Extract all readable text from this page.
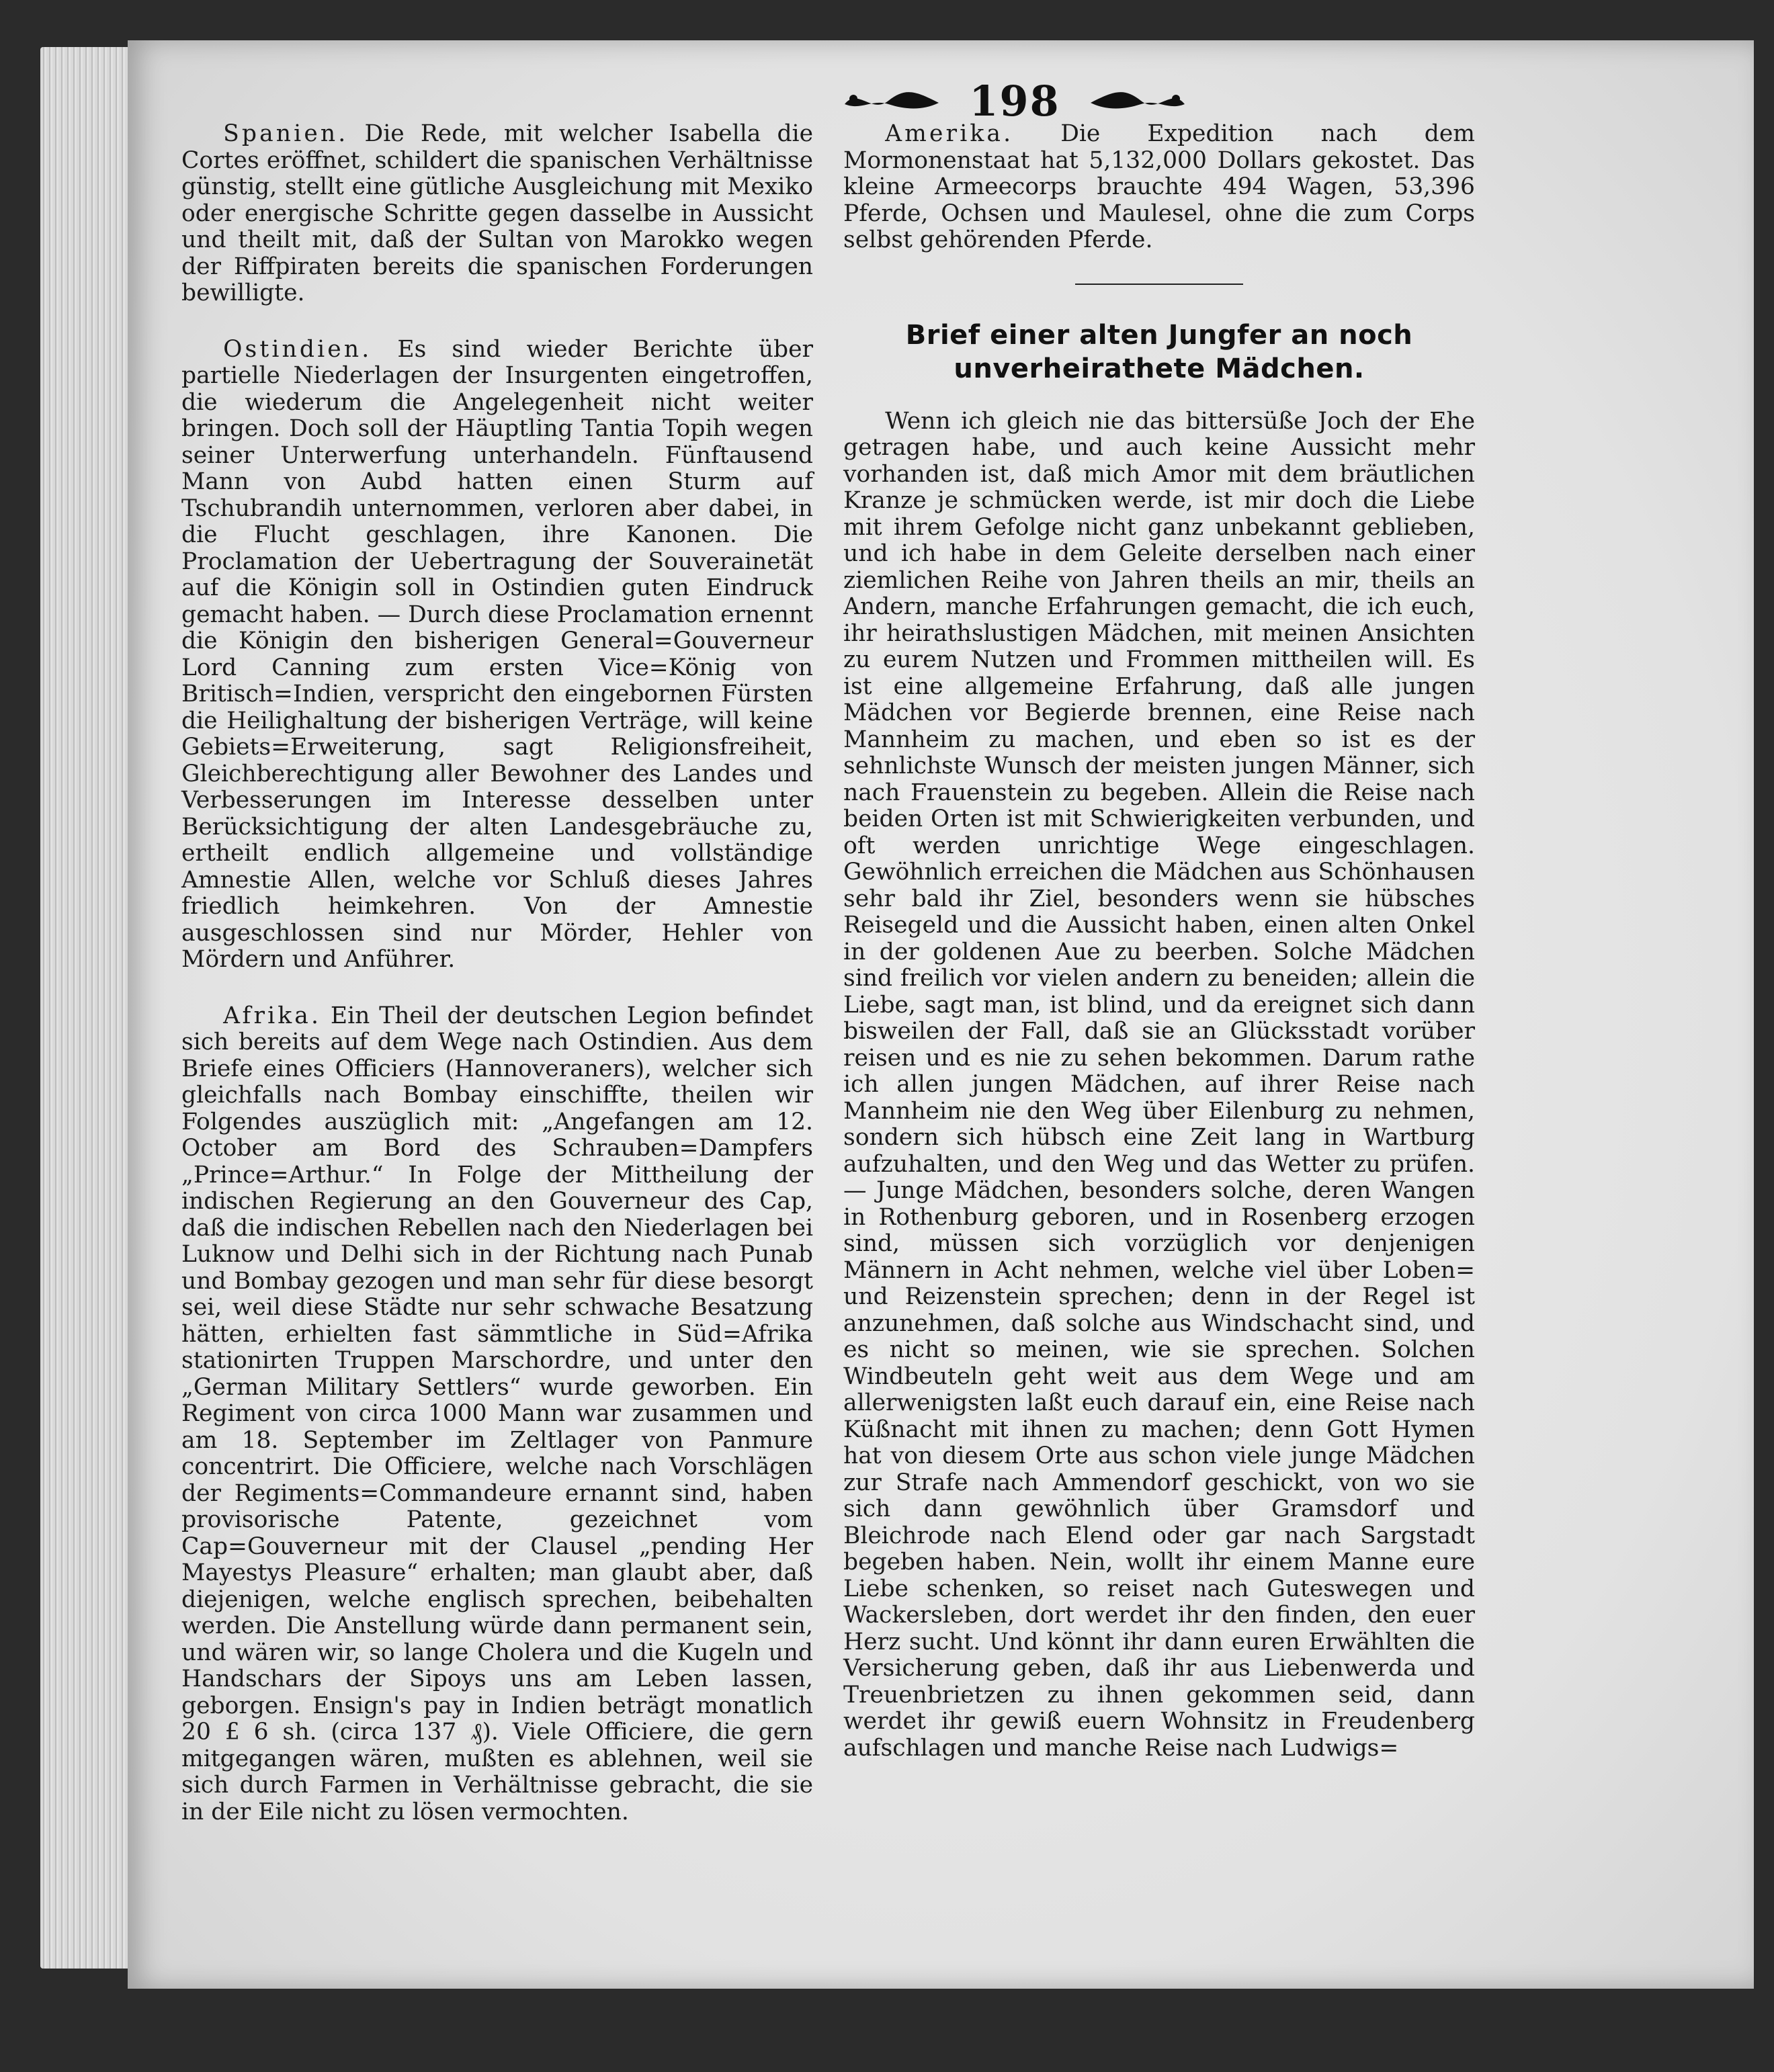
198

Spanien. Die Rede, mit welcher Isabella die Cortes eröffnet, schildert die spanischen Verhältnisse günstig, stellt eine gütliche Ausgleichung mit Mexiko oder energische Schritte gegen dasselbe in Aussicht und theilt mit, daß der Sultan von Marokko wegen der Riffpiraten bereits die spanischen Forderungen bewilligte.

Ostindien. Es sind wieder Berichte über partielle Niederlagen der Insurgenten eingetroffen, die wiederum die Angelegenheit nicht weiter bringen. Doch soll der Häuptling Tantia Topih wegen seiner Unterwerfung unterhandeln. Fünftausend Mann von Aubd hatten einen Sturm auf Tschubrandih unternommen, verloren aber dabei, in die Flucht geschlagen, ihre Kanonen. Die Proclamation der Uebertragung der Souverainetät auf die Königin soll in Ostindien guten Eindruck gemacht haben. — Durch diese Proclamation ernennt die Königin den bisherigen General=Gouverneur Lord Canning zum ersten Vice=König von Britisch=Indien, verspricht den eingebornen Fürsten die Heilighaltung der bisherigen Verträge, will keine Gebiets=Erweiterung, sagt Religionsfreiheit, Gleichberechtigung aller Bewohner des Landes und Verbesserungen im Interesse desselben unter Berücksichtigung der alten Landesgebräuche zu, ertheilt endlich allgemeine und vollständige Amnestie Allen, welche vor Schluß dieses Jahres friedlich heimkehren. Von der Amnestie ausgeschlossen sind nur Mörder, Hehler von Mördern und Anführer.

Afrika. Ein Theil der deutschen Legion befindet sich bereits auf dem Wege nach Ostindien. Aus dem Briefe eines Officiers (Hannoveraners), welcher sich gleichfalls nach Bombay einschiffte, theilen wir Folgendes auszüglich mit: „Angefangen am 12. October am Bord des Schrauben=Dampfers „Prince=Arthur.“ In Folge der Mittheilung der indischen Regierung an den Gouverneur des Cap, daß die indischen Rebellen nach den Niederlagen bei Luknow und Delhi sich in der Richtung nach Punab und Bombay gezogen und man sehr für diese besorgt sei, weil diese Städte nur sehr schwache Besatzung hätten, erhielten fast sämmtliche in Süd=Afrika stationirten Truppen Marschordre, und unter den „German Military Settlers“ wurde geworben. Ein Regiment von circa 1000 Mann war zusammen und am 18. September im Zeltlager von Panmure concentrirt. Die Officiere, welche nach Vorschlägen der Regiments=Commandeure ernannt sind, haben provisorische Patente, gezeichnet vom Cap=Gouverneur mit der Clausel „pending Her Mayestys Pleasure“ erhalten; man glaubt aber, daß diejenigen, welche englisch sprechen, beibehalten werden. Die Anstellung würde dann permanent sein, und wären wir, so lange Cholera und die Kugeln und Handschars der Sipoys uns am Leben lassen, geborgen. Ensign's pay in Indien beträgt monatlich 20 £ 6 sh. (circa 137 ₰). Viele Officiere, die gern mitgegangen wären, mußten es ablehnen, weil sie sich durch Farmen in Verhältnisse gebracht, die sie in der Eile nicht zu lösen vermochten.

Amerika. Die Expedition nach dem Mormonenstaat hat 5,132,000 Dollars gekostet. Das kleine Armeecorps brauchte 494 Wagen, 53,396 Pferde, Ochsen und Maulesel, ohne die zum Corps selbst gehörenden Pferde.

Brief einer alten Jungfer an noch unverheirathete Mädchen.

Wenn ich gleich nie das bittersüße Joch der Ehe getragen habe, und auch keine Aussicht mehr vorhanden ist, daß mich Amor mit dem bräutlichen Kranze je schmücken werde, ist mir doch die Liebe mit ihrem Gefolge nicht ganz unbekannt geblieben, und ich habe in dem Geleite derselben nach einer ziemlichen Reihe von Jahren theils an mir, theils an Andern, manche Erfahrungen gemacht, die ich euch, ihr heirathslustigen Mädchen, mit meinen Ansichten zu eurem Nutzen und Frommen mittheilen will. Es ist eine allgemeine Erfahrung, daß alle jungen Mädchen vor Begierde brennen, eine Reise nach Mannheim zu machen, und eben so ist es der sehnlichste Wunsch der meisten jungen Männer, sich nach Frauenstein zu begeben. Allein die Reise nach beiden Orten ist mit Schwierigkeiten verbunden, und oft werden unrichtige Wege eingeschlagen. Gewöhnlich erreichen die Mädchen aus Schönhausen sehr bald ihr Ziel, besonders wenn sie hübsches Reisegeld und die Aussicht haben, einen alten Onkel in der goldenen Aue zu beerben. Solche Mädchen sind freilich vor vielen andern zu beneiden; allein die Liebe, sagt man, ist blind, und da ereignet sich dann bisweilen der Fall, daß sie an Glücksstadt vorüber reisen und es nie zu sehen bekommen. Darum rathe ich allen jungen Mädchen, auf ihrer Reise nach Mannheim nie den Weg über Eilenburg zu nehmen, sondern sich hübsch eine Zeit lang in Wartburg aufzuhalten, und den Weg und das Wetter zu prüfen. — Junge Mädchen, besonders solche, deren Wangen in Rothenburg geboren, und in Rosenberg erzogen sind, müssen sich vorzüglich vor denjenigen Männern in Acht nehmen, welche viel über Loben= und Reizenstein sprechen; denn in der Regel ist anzunehmen, daß solche aus Windschacht sind, und es nicht so meinen, wie sie sprechen. Solchen Windbeuteln geht weit aus dem Wege und am allerwenigsten laßt euch darauf ein, eine Reise nach Küßnacht mit ihnen zu machen; denn Gott Hymen hat von diesem Orte aus schon viele junge Mädchen zur Strafe nach Ammendorf geschickt, von wo sie sich dann gewöhnlich über Gramsdorf und Bleichrode nach Elend oder gar nach Sargstadt begeben haben. Nein, wollt ihr einem Manne eure Liebe schenken, so reiset nach Guteswegen und Wackersleben, dort werdet ihr den finden, den euer Herz sucht. Und könnt ihr dann euren Erwählten die Versicherung geben, daß ihr aus Liebenwerda und Treuenbrietzen zu ihnen gekommen seid, dann werdet ihr gewiß euern Wohnsitz in Freudenberg aufschlagen und manche Reise nach Ludwigs=
